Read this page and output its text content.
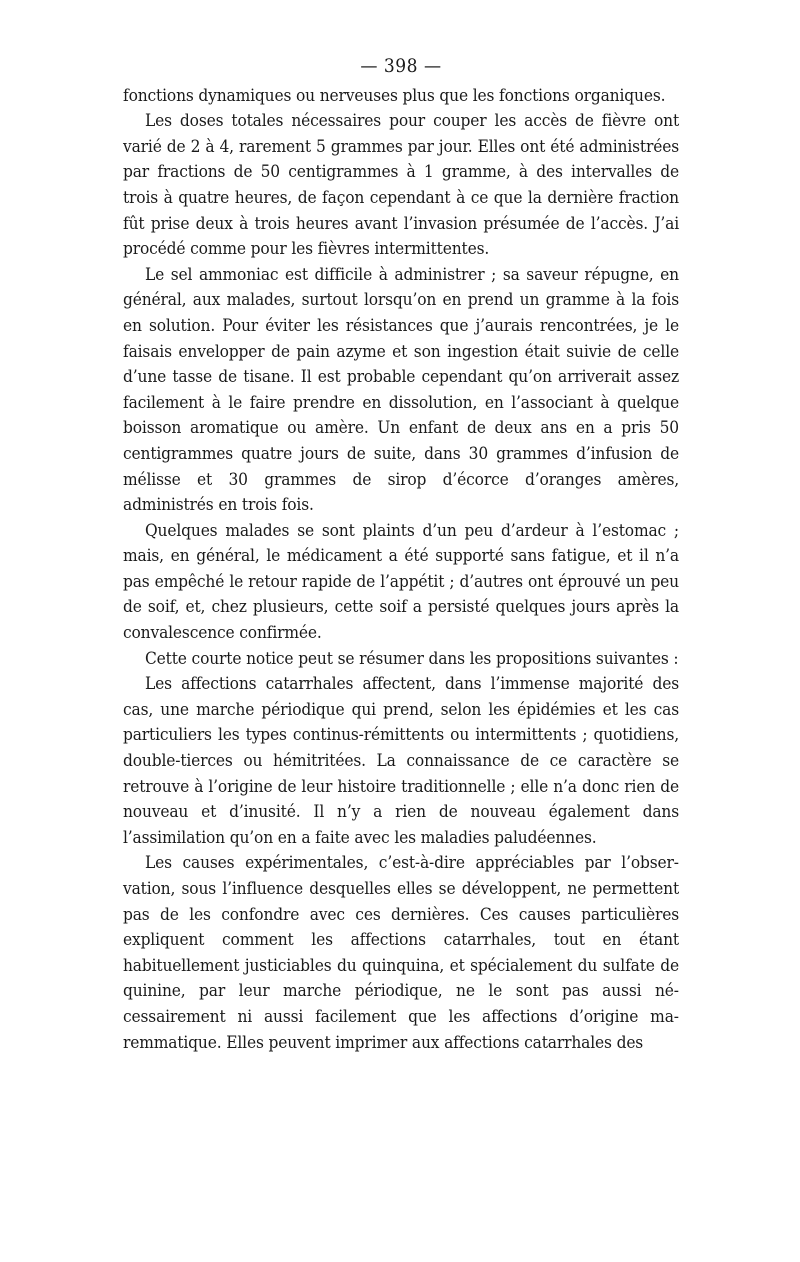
— 398 —

fonctions dynamiques ou nerveuses plus que les fonctions organiques.

Les doses totales nécessaires pour couper les accès de fièvre ont varié de 2 à 4, rarement 5 grammes par jour. Elles ont été administrées par fractions de 50 centigrammes à 1 gramme, à des intervalles de trois à quatre heures, de façon cependant à ce que la dernière fraction fût prise deux à trois heures avant l’invasion présumée de l’accès. J’ai procédé comme pour les fièvres intermittentes.

Le sel ammoniac est difficile à administrer ; sa saveur répugne, en général, aux malades, surtout lorsqu’on en prend un gramme à la fois en solution. Pour éviter les résistances que j’aurais rencontrées, je le faisais envelopper de pain azyme et son ingestion était suivie de celle d’une tasse de tisane. Il est probable cependant qu’on arriverait assez facilement à le faire prendre en dissolution, en l’associant à quelque boisson aromatique ou amère. Un enfant de deux ans en a pris 50 centigrammes quatre jours de suite, dans 30 grammes d’infusion de mélisse et 30 grammes de sirop d’écorce d’oranges amères, administrés en trois fois.

Quelques malades se sont plaints d’un peu d’ardeur à l’estomac ; mais, en général, le médicament a été supporté sans fatigue, et il n’a pas empêché le retour rapide de l’appétit ; d’autres ont éprouvé un peu de soif, et, chez plusieurs, cette soif a persisté quelques jours après la convalescence confirmée.

Cette courte notice peut se résumer dans les propositions suivantes :

Les affections catarrhales affectent, dans l’immense majorité des cas, une marche périodique qui prend, selon les épidémies et les cas particuliers les types continus-rémittents ou intermittents ; quotidiens, double-tierces ou hémitritées. La connaissance de ce caractère se retrouve à l’origine de leur histoire traditionnelle ; elle n’a donc rien de nouveau et d’inusité. Il n’y a rien de nouveau également dans l’assimilation qu’on en a faite avec les maladies paludéennes.

Les causes expérimentales, c’est-à-dire appréciables par l’observation, sous l’influence desquelles elles se développent, ne permettent pas de les confondre avec ces dernières. Ces causes particulières expliquent comment les affections catarrhales, tout en étant habituellement justiciables du quinquina, et spécialement du sulfate de quinine, par leur marche périodique, ne le sont pas aussi nécessairement ni aussi facilement que les affections d’origine maremmatique. Elles peuvent imprimer aux affections catarrhales des
